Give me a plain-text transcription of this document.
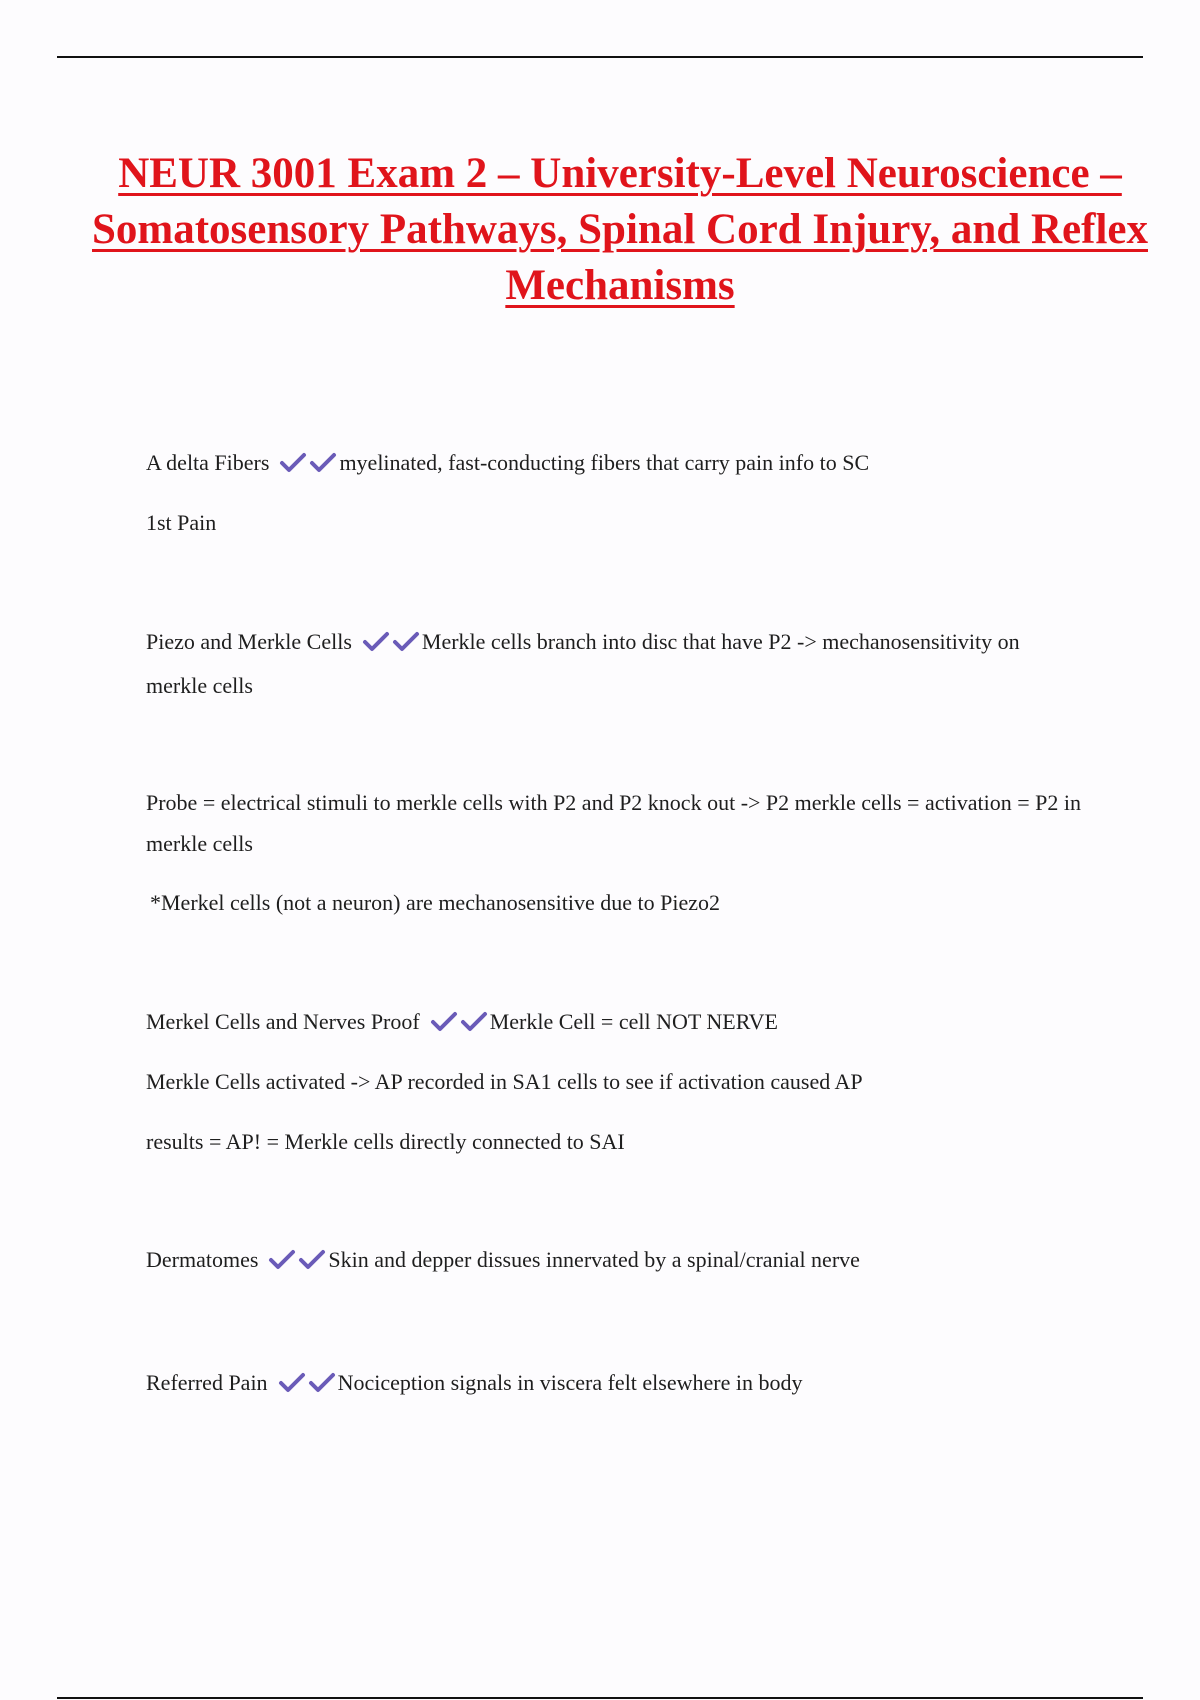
NEUR 3001 Exam 2 – University-Level Neuroscience – Somatosensory Pathways, Spinal Cord Injury, and Reflex Mechanisms

A delta Fibers	myelinated, fast-conducting fibers that carry pain info to SC

1st Pain

Piezo and Merkle Cells	Merkle cells branch into disc that have P2 -> mechanosensitivity on merkle cells

Probe = electrical stimuli to merkle cells with P2 and P2 knock out -> P2 merkle cells = activation = P2 in merkle cells

*Merkel cells (not a neuron) are mechanosensitive due to Piezo2

Merkel Cells and Nerves Proof	Merkle Cell = cell NOT NERVE

Merkle Cells activated -> AP recorded in SA1 cells to see if activation caused AP

results = AP! = Merkle cells directly connected to SAI

Dermatomes	Skin and depper dissues innervated by a spinal/cranial nerve

Referred Pain	Nociception signals in viscera felt elsewhere in body
